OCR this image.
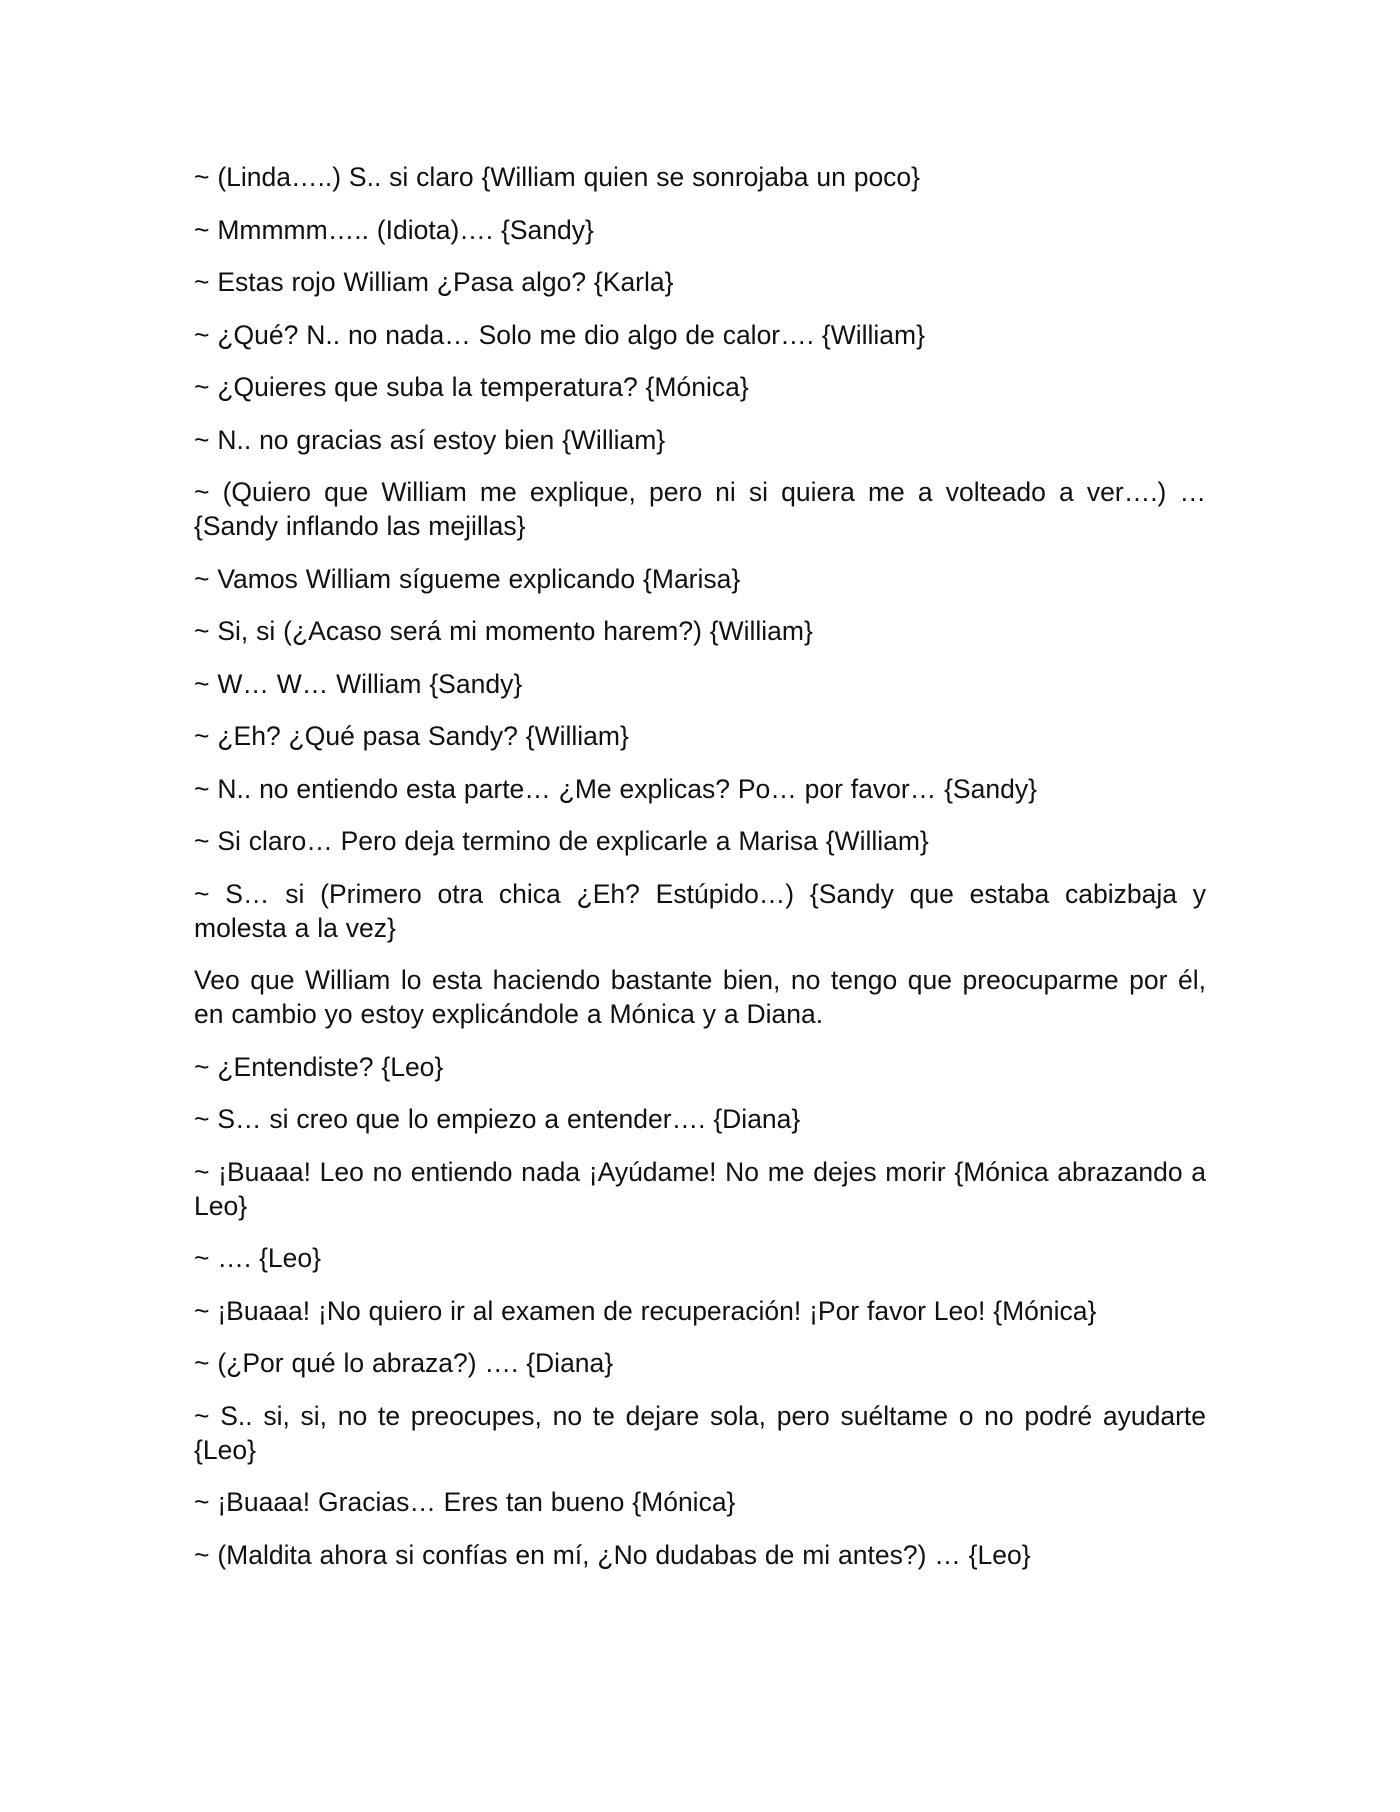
~ (Linda…..) S.. si claro {William quien se sonrojaba un poco}

~ Mmmmm….. (Idiota)…. {Sandy}

~ Estas rojo William ¿Pasa algo? {Karla}

~ ¿Qué? N.. no nada… Solo me dio algo de calor…. {William}

~ ¿Quieres que suba la temperatura? {Mónica}

~ N.. no gracias así estoy bien {William}

~ (Quiero que William me explique, pero ni si quiera me a volteado a ver….) … {Sandy inflando las mejillas}

~ Vamos William sígueme explicando {Marisa}

~ Si, si (¿Acaso será mi momento harem?) {William}

~ W… W… William {Sandy}

~ ¿Eh? ¿Qué pasa Sandy? {William}

~ N.. no entiendo esta parte… ¿Me explicas? Po… por favor… {Sandy}

~ Si claro… Pero deja termino de explicarle a Marisa {William}

~ S… si (Primero otra chica ¿Eh? Estúpido…) {Sandy que estaba cabizbaja y molesta a la vez}

Veo que William lo esta haciendo bastante bien, no tengo que preocuparme por él, en cambio yo estoy explicándole a Mónica y a Diana.

~ ¿Entendiste? {Leo}

~ S… si creo que lo empiezo a entender…. {Diana}

~ ¡Buaaa! Leo no entiendo nada ¡Ayúdame! No me dejes morir {Mónica abrazando a Leo}

~ …. {Leo}

~ ¡Buaaa! ¡No quiero ir al examen de recuperación! ¡Por favor Leo! {Mónica}

~ (¿Por qué lo abraza?) …. {Diana}

~ S.. si, si, no te preocupes, no te dejare sola, pero suéltame o no podré ayudarte {Leo}

~ ¡Buaaa! Gracias… Eres tan bueno {Mónica}

~ (Maldita ahora si confías en mí, ¿No dudabas de mi antes?) … {Leo}
